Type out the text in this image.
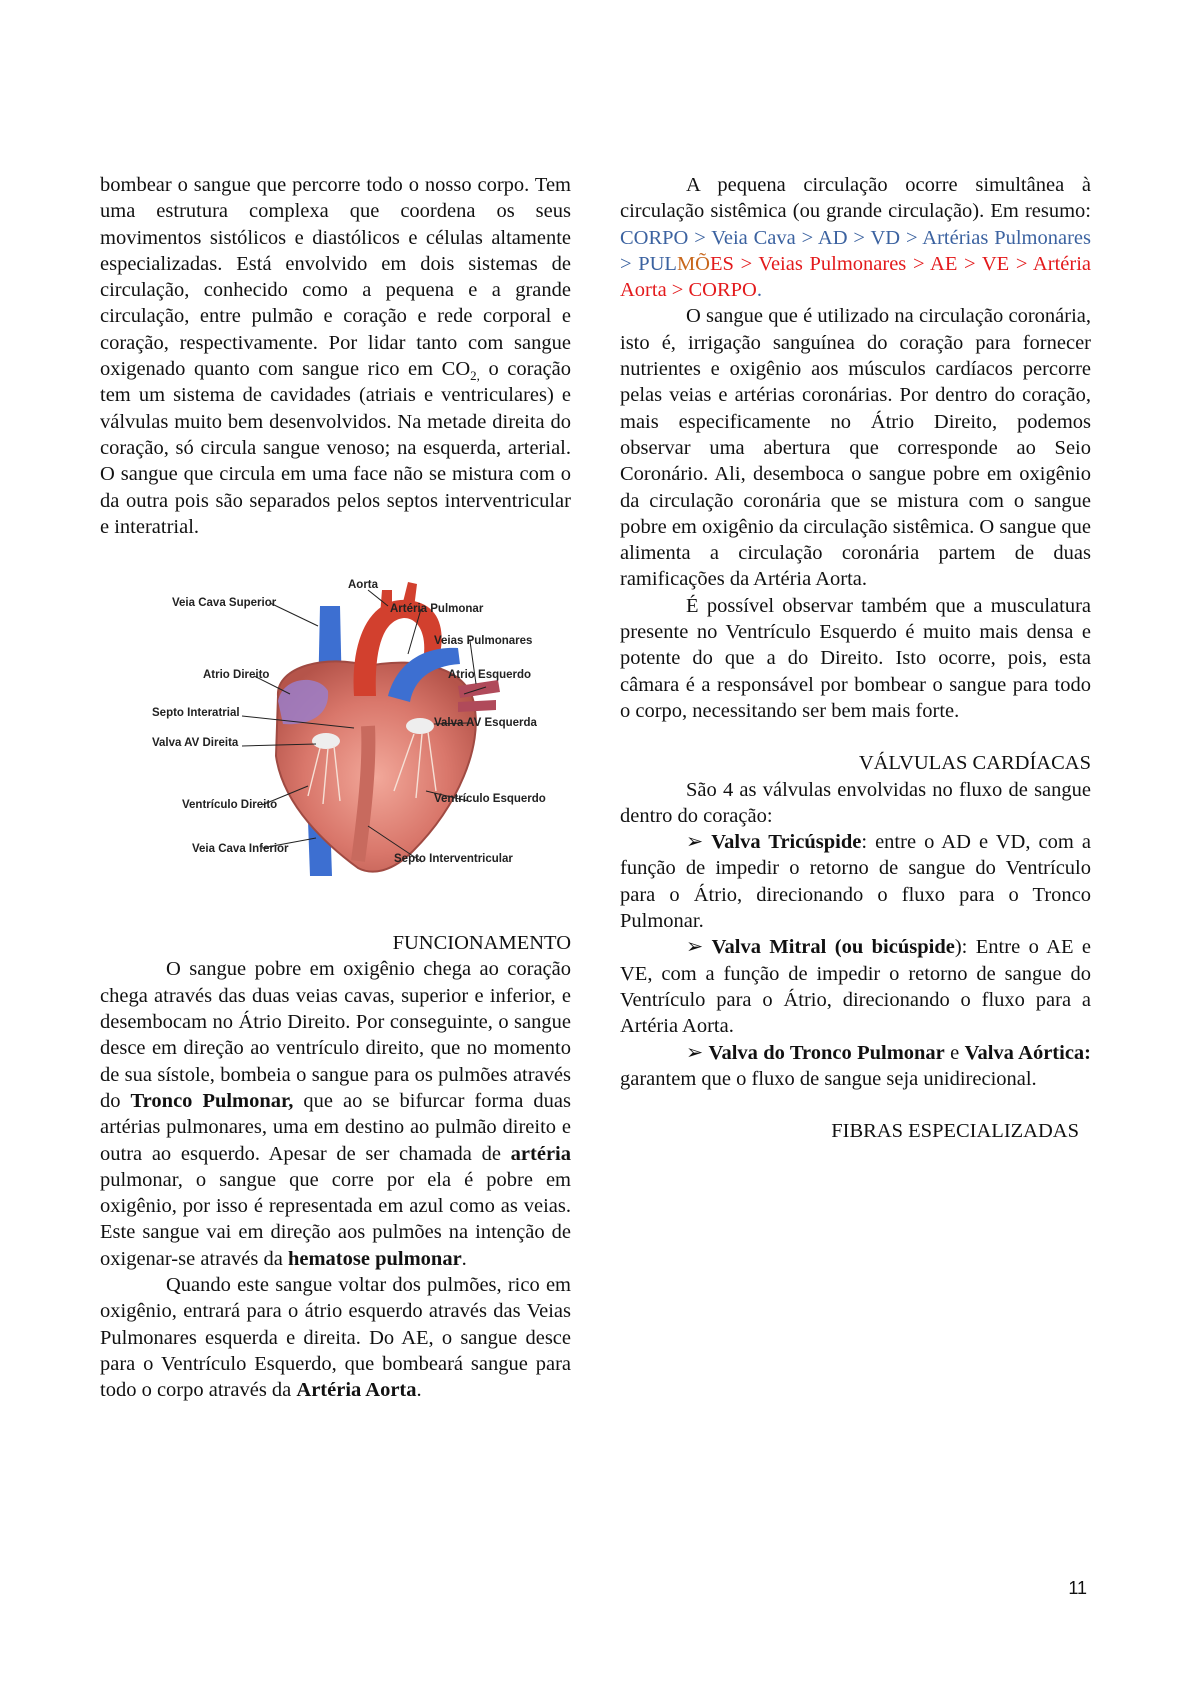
bombear o sangue que percorre todo o nosso corpo. Tem uma estrutura complexa que coordena os seus movimentos sistólicos e diastólicos e células altamente especializadas. Está envolvido em dois sistemas de circulação, conhecido como a pequena e a grande circulação, entre pulmão e coração e rede corporal e coração, respectivamente. Por lidar tanto com sangue oxigenado quanto com sangue rico em $CO_{2,}$ o coração tem um sistema de cavidades (atriais e ventriculares) e válvulas muito bem desenvolvidos. Na metade direita do coração, só circula sangue venoso; na esquerda, arterial. O sangue que circula em uma face não se mistura com o da outra pois são separados pelos septos interventricular e interatrial.

Aorta
Veia Cava Superior	Artéria Pulmonar
Veias Pulmonares
Atrio Direito	Atrio Esquerdo
Septo Interatrial
Valva AV Esquerda
Valva AV Direita
Ventrículo Direito	Ventrículo Esquerdo
Veia Cava Inferior
Septo Interventricular

FUNCIONAMENTO

O sangue pobre em oxigênio chega ao coração chega através das duas veias cavas, superior e inferior, e desembocam no Átrio Direito. Por conseguinte, o sangue desce em direção ao ventrículo direito, que no momento de sua sístole, bombeia o sangue para os pulmões através do Tronco Pulmonar, que ao se bifurcar forma duas artérias pulmonares, uma em destino ao pulmão direito e outra ao esquerdo. Apesar de ser chamada de artéria pulmonar, o sangue que corre por ela é pobre em oxigênio, por isso é representada em azul como as veias. Este sangue vai em direção aos pulmões na intenção de oxigenar-se através da hematose pulmonar.

Quando este sangue voltar dos pulmões, rico em oxigênio, entrará para o átrio esquerdo através das Veias Pulmonares esquerda e direita. Do AE, o sangue desce para o Ventrículo Esquerdo, que bombeará sangue para todo o corpo através da Artéria Aorta.

A pequena circulação ocorre simultânea à circulação sistêmica (ou grande circulação). Em resumo: CORPO > Veia Cava > AD > VD > Artérias Pulmonares > PULMÕES > Veias Pulmonares > AE > VE > Artéria Aorta > CORPO.

O sangue que é utilizado na circulação coronária, isto é, irrigação sanguínea do coração para fornecer nutrientes e oxigênio aos músculos cardíacos percorre pelas veias e artérias coronárias. Por dentro do coração, mais especificamente no Átrio Direito, podemos observar uma abertura que corresponde ao Seio Coronário. Ali, desemboca o sangue pobre em oxigênio da circulação coronária que se mistura com o sangue pobre em oxigênio da circulação sistêmica. O sangue que alimenta a circulação coronária partem de duas ramificações da Artéria Aorta.

É possível observar também que a musculatura presente no Ventrículo Esquerdo é muito mais densa e potente do que a do Direito. Isto ocorre, pois, esta câmara é a responsável por bombear o sangue para todo o corpo, necessitando ser bem mais forte.

VÁLVULAS CARDÍACAS

São 4 as válvulas envolvidas no fluxo de sangue dentro do coração:

➢ Valva Tricúspide: entre o AD e VD, com a função de impedir o retorno de sangue do Ventrículo para o Átrio, direcionando o fluxo para o Tronco Pulmonar.

➢ Valva Mitral (ou bicúspide): Entre o AE e VE, com a função de impedir o retorno de sangue do Ventrículo para o Átrio, direcionando o fluxo para a Artéria Aorta.

➢ Valva do Tronco Pulmonar e Valva Aórtica: garantem que o fluxo de sangue seja unidirecional.

FIBRAS ESPECIALIZADAS

11
